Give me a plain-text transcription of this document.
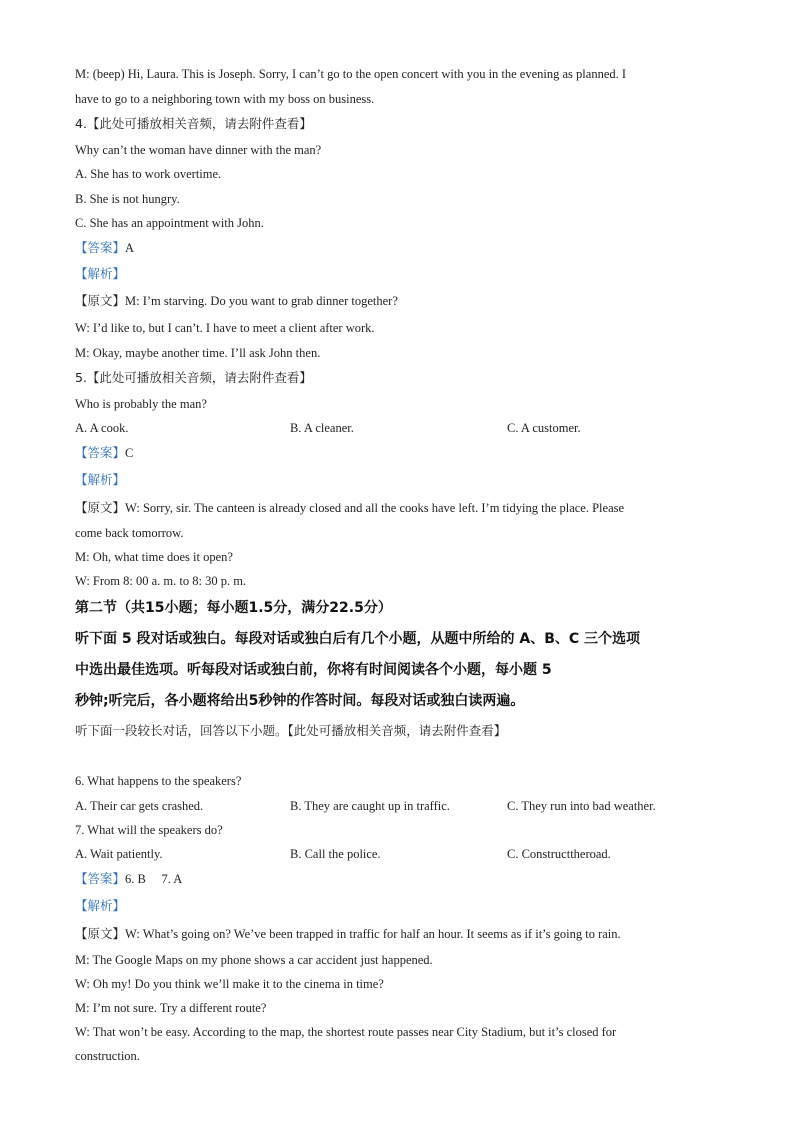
M: (beep) Hi, Laura. This is Joseph. Sorry, I can’t go to the open concert with you in the evening as planned. I
have to go to a neighboring town with my boss on business.
4.【此处可播放相关音频，请去附件查看】
Why can’t the woman have dinner with the man?
A. She has to work overtime.
B. She is not hungry.
C. She has an appointment with John.
【答案】A
【解析】
【原文】M: I’m starving. Do you want to grab dinner together?
W: I’d like to, but I can’t. I have to meet a client after work.
M: Okay, maybe another time. I’ll ask John then.
5.【此处可播放相关音频，请去附件查看】
Who is probably the man?
A. A cook.	B. A cleaner.	C. A customer.
【答案】C
【解析】
【原文】W: Sorry, sir. The canteen is already closed and all the cooks have left. I’m tidying the place. Please
come back tomorrow.
M: Oh, what time does it open?
W: From 8: 00 a. m. to 8: 30 p. m.
第二节（共15小题；每小题1.5分，满分22.5分）
听下面 5 段对话或独白。每段对话或独白后有几个小题，从题中所给的 A、B、C 三个选项
中选出最佳选项。听每段对话或独白前，你将有时间阅读各个小题，每小题 5
秒钟;听完后，各小题将给出5秒钟的作答时间。每段对话或独白读两遍。
听下面一段较长对话，回答以下小题。【此处可播放相关音频，请去附件查看】
6. What happens to the speakers?
A. Their car gets crashed.	B. They are caught up in traffic.	C. They run into bad weather.
7. What will the speakers do?
A. Wait patiently.	B. Call the police.	C. Constructtheroad.
【答案】6. B     7. A
【解析】
【原文】W: What’s going on? We’ve been trapped in traffic for half an hour. It seems as if it’s going to rain.
M: The Google Maps on my phone shows a car accident just happened.
W: Oh my! Do you think we’ll make it to the cinema in time?
M: I’m not sure. Try a different route?
W: That won’t be easy. According to the map, the shortest route passes near City Stadium, but it’s closed for
construction.
